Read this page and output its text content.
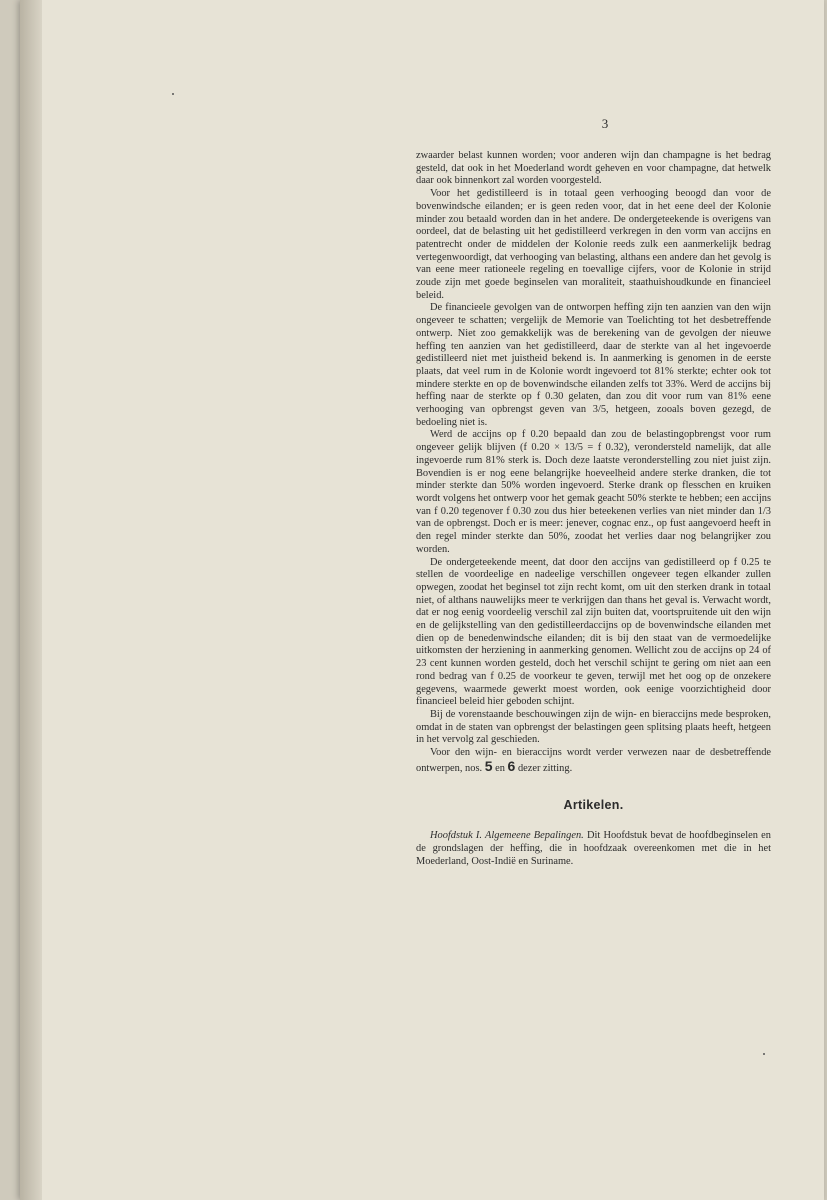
3

zwaarder belast kunnen worden; voor anderen wijn dan champagne is het bedrag gesteld, dat ook in het Moederland wordt geheven en voor champagne, dat hetwelk daar ook binnenkort zal worden voorgesteld.

Voor het gedistilleerd is in totaal geen verhooging beoogd dan voor de bovenwindsche eilanden; er is geen reden voor, dat in het eene deel der Kolonie minder zou betaald worden dan in het andere. De ondergeteekende is overigens van oordeel, dat de belasting uit het gedistilleerd verkregen in den vorm van accijns en patentrecht onder de middelen der Kolonie reeds zulk een aanmerkelijk bedrag vertegenwoordigt, dat verhooging van belasting, althans een andere dan het gevolg is van eene meer rationeele regeling en toevallige cijfers, voor de Kolonie in strijd zoude zijn met goede beginselen van moraliteit, staathuishoudkunde en financieel beleid.

De financieele gevolgen van de ontworpen heffing zijn ten aanzien van den wijn ongeveer te schatten; vergelijk de Memorie van Toelichting tot het desbetreffende ontwerp. Niet zoo gemakkelijk was de berekening van de gevolgen der nieuwe heffing ten aanzien van het gedistilleerd, daar de sterkte van al het ingevoerde gedistilleerd niet met juistheid bekend is. In aanmerking is genomen in de eerste plaats, dat veel rum in de Kolonie wordt ingevoerd tot 81% sterkte; echter ook tot mindere sterkte en op de bovenwindsche eilanden zelfs tot 33%. Werd de accijns bij heffing naar de sterkte op f 0.30 gelaten, dan zou dit voor rum van 81% eene verhooging van opbrengst geven van 3/5, hetgeen, zooals boven gezegd, de bedoeling niet is.

Werd de accijns op f 0.20 bepaald dan zou de belastingopbrengst voor rum ongeveer gelijk blijven (f 0.20 × 13/5 = f 0.32), verondersteld namelijk, dat alle ingevoerde rum 81% sterk is. Doch deze laatste veronderstelling zou niet juist zijn. Bovendien is er nog eene belangrijke hoeveelheid andere sterke dranken, die tot minder sterkte dan 50% worden ingevoerd. Sterke drank op flesschen en kruiken wordt volgens het ontwerp voor het gemak geacht 50% sterkte te hebben; een accijns van f 0.20 tegenover f 0.30 zou dus hier beteekenen verlies van niet minder dan 1/3 van de opbrengst. Doch er is meer: jenever, cognac enz., op fust aangevoerd heeft in den regel minder sterkte dan 50%, zoodat het verlies daar nog belangrijker zou worden.

De ondergeteekende meent, dat door den accijns van gedistilleerd op f 0.25 te stellen de voordeelige en nadeelige verschillen ongeveer tegen elkander zullen opwegen, zoodat het beginsel tot zijn recht komt, om uit den sterken drank in totaal niet, of althans nauwelijks meer te verkrijgen dan thans het geval is. Verwacht wordt, dat er nog eenig voordeelig verschil zal zijn buiten dat, voortspruitende uit den wijn en de gelijkstelling van den gedistilleerdaccijns op de bovenwindsche eilanden met dien op de benedenwindsche eilanden; dit is bij den staat van de vermoedelijke uitkomsten der herziening in aanmerking genomen. Wellicht zou de accijns op 24 of 23 cent kunnen worden gesteld, doch het verschil schijnt te gering om niet aan een rond bedrag van f 0.25 de voorkeur te geven, terwijl met het oog op de onzekere gegevens, waarmede gewerkt moest worden, ook eenige voorzichtigheid door financieel beleid hier geboden schijnt.

Bij de vorenstaande beschouwingen zijn de wijn- en bieraccijns mede besproken, omdat in de staten van opbrengst der belastingen geen splitsing plaats heeft, hetgeen in het vervolg zal geschieden.

Voor den wijn- en bieraccijns wordt verder verwezen naar de desbetreffende ontwerpen, nos. 5 en 6 dezer zitting.

Artikelen.

Hoofdstuk I. Algemeene Bepalingen. Dit Hoofdstuk bevat de hoofdbeginselen en de grondslagen der heffing, die in hoofdzaak overeenkomen met die in het Moederland, Oost-Indië en Suriname.
